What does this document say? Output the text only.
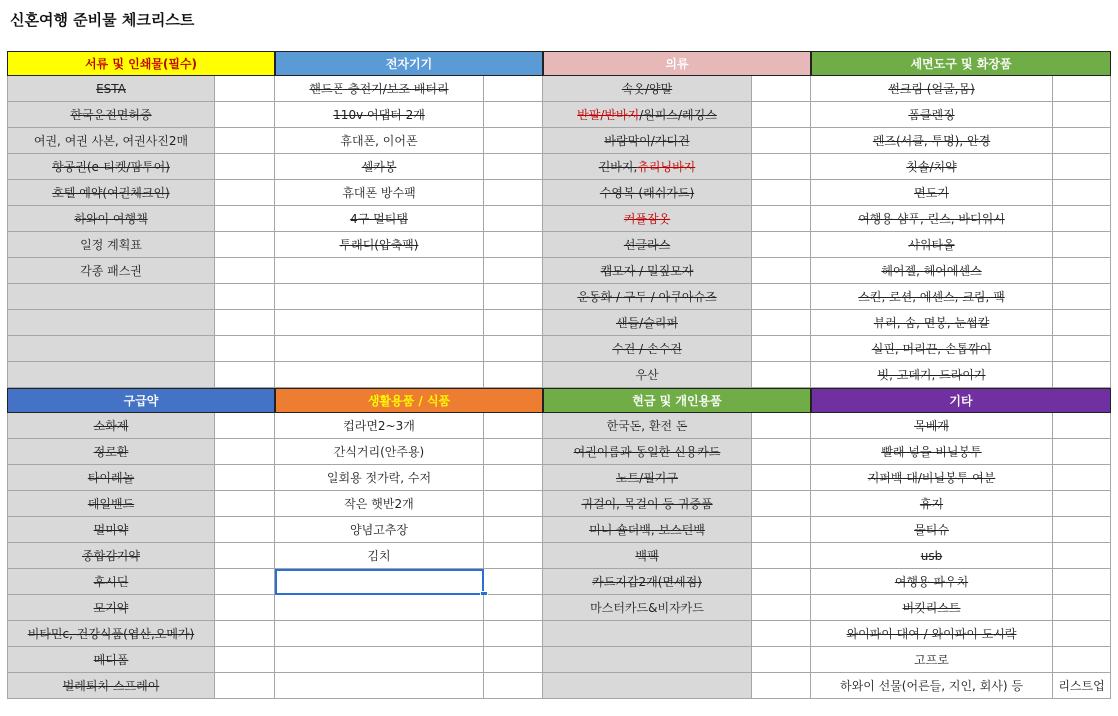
신혼여행 준비물 체크리스트
서류 및 인쇄물(필수)
ESTA
한국운전면허증
여권, 여권 사본, 여권사진2매
항공권(e-티켓/팜투어)
호텔 예약(여권체크인)
하와이 여행책
일정 계획표
각종 패스권
전자기기
핸드폰 충전기/보조 배터리
110v 어댑터 2개
휴대폰, 이어폰
셀카봉
휴대폰 방수팩
4구 멀티탭
투래디(압축팩)
의류
속옷/양말
반팔/반바지 /원피스/레깅스
바람막이/가디건
긴바지, 츄리닝바지
수영복 (래쉬가드)
커플잠옷
선글라스
캡모자 / 밀짚모자
운동화 / 구두 / 아쿠아슈즈
샌들/슬리퍼
수건 / 손수건
우산
세면도구 및 화장품
썬크림 (얼굴,몸)
폼클렌징
렌즈(서클, 투명), 안경
칫솔/치약
면도기
여행용 샴푸, 린스, 바디워시
샤워타올
헤어젤, 헤어에센스
스킨, 로션, 에센스, 크림, 팩
뷰러, 솜, 면봉, 눈썹칼
실핀, 머리끈, 손톱깎이
빗, 고데기, 드라이기
구급약
소화제
정로환
타이레놀
데일밴드
멀미약
종합감기약
후시딘
모기약
비타민c, 건강식품(엽산,오메가)
메디폼
벌레퇴치 스프레이
생활용품 / 식품
컵라면2~3개
간식거리(안주용)
일회용 젓가락, 수저
작은 햇반2개
양념고추장
김치
현금 및 개인용품
한국돈, 환전 돈
여권이름과 동일한 신용카드
노트/필기구
귀걸이, 목걸이 등 귀중품
미니 숄더백, 보스턴백
백팩
카드지갑2개(면세점)
마스터카드&비자카드
기타
목베개
빨래 넣을 비닐봉투
지퍼백 대/비닐봉투 여분
휴지
물티슈
usb
여행용 파우치
버킷리스트
와이파이 대여 / 와이파이 도시락
고프로
하와이 선물(어른들, 지인, 회사) 등	리스트업
